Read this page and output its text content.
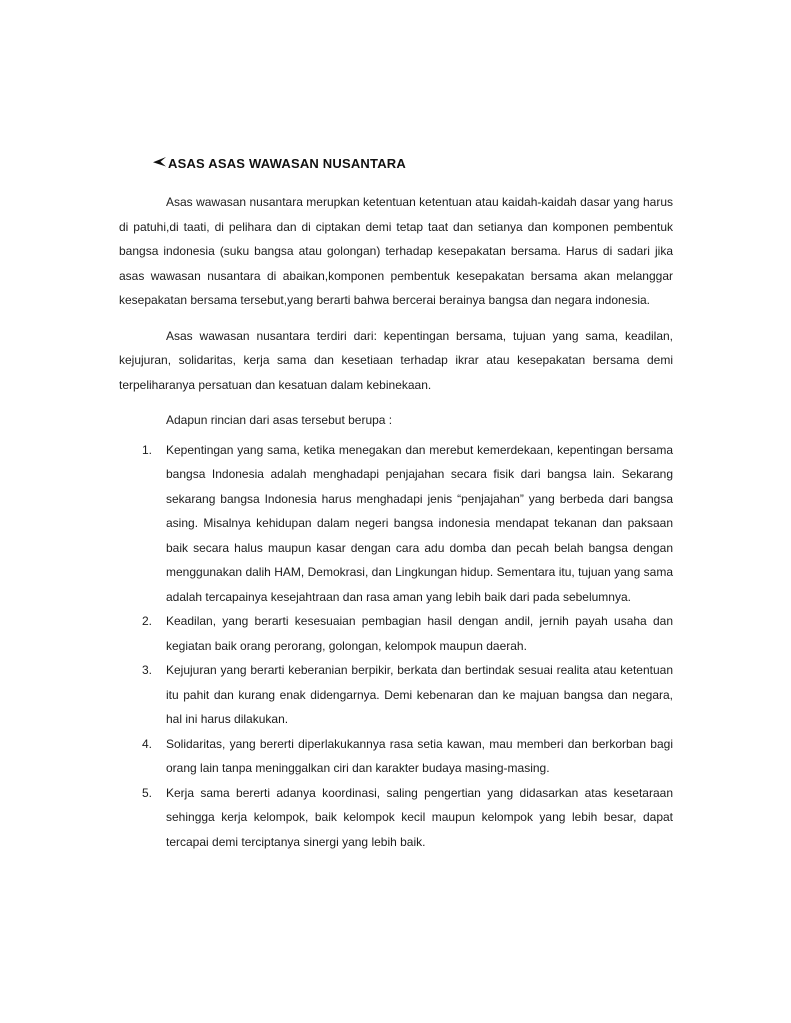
ASAS ASAS WAWASAN NUSANTARA

Asas wawasan nusantara merupkan ketentuan ketentuan atau kaidah-kaidah dasar yang harus di patuhi,di taati, di pelihara dan di ciptakan demi tetap taat dan setianya dan komponen pembentuk bangsa indonesia (suku bangsa atau golongan) terhadap kesepakatan bersama. Harus di sadari jika asas wawasan nusantara di abaikan,komponen pembentuk kesepakatan bersama akan melanggar kesepakatan bersama tersebut,yang berarti bahwa bercerai berainya bangsa dan negara indonesia.

Asas wawasan nusantara terdiri dari: kepentingan bersama, tujuan yang sama, keadilan, kejujuran, solidaritas, kerja sama dan kesetiaan terhadap ikrar atau kesepakatan bersama demi terpeliharanya persatuan dan kesatuan dalam kebinekaan.

Adapun rincian dari asas tersebut berupa :

1.	Kepentingan yang sama, ketika menegakan dan merebut kemerdekaan, kepentingan bersama bangsa Indonesia adalah menghadapi penjajahan secara fisik dari bangsa lain. Sekarang sekarang bangsa Indonesia harus menghadapi jenis “penjajahan” yang berbeda dari bangsa asing. Misalnya kehidupan dalam negeri bangsa indonesia mendapat tekanan dan paksaan baik secara halus maupun kasar dengan cara adu domba dan pecah belah bangsa dengan menggunakan dalih HAM, Demokrasi, dan Lingkungan hidup. Sementara itu, tujuan yang sama adalah tercapainya kesejahtraan dan rasa aman yang lebih baik dari pada sebelumnya.
2.	Keadilan, yang berarti kesesuaian pembagian hasil dengan andil, jernih payah usaha dan kegiatan baik orang perorang, golongan, kelompok maupun daerah.
3.	Kejujuran yang berarti keberanian berpikir, berkata dan bertindak sesuai realita atau ketentuan itu pahit dan kurang enak didengarnya. Demi kebenaran dan ke majuan bangsa dan negara, hal ini harus dilakukan.
4.	Solidaritas, yang bererti diperlakukannya rasa setia kawan, mau memberi dan berkorban bagi orang lain tanpa meninggalkan ciri dan karakter budaya masing-masing.
5.	Kerja sama bererti adanya koordinasi, saling pengertian yang didasarkan atas kesetaraan sehingga kerja kelompok, baik kelompok kecil maupun kelompok yang lebih besar, dapat tercapai demi terciptanya sinergi yang lebih baik.
